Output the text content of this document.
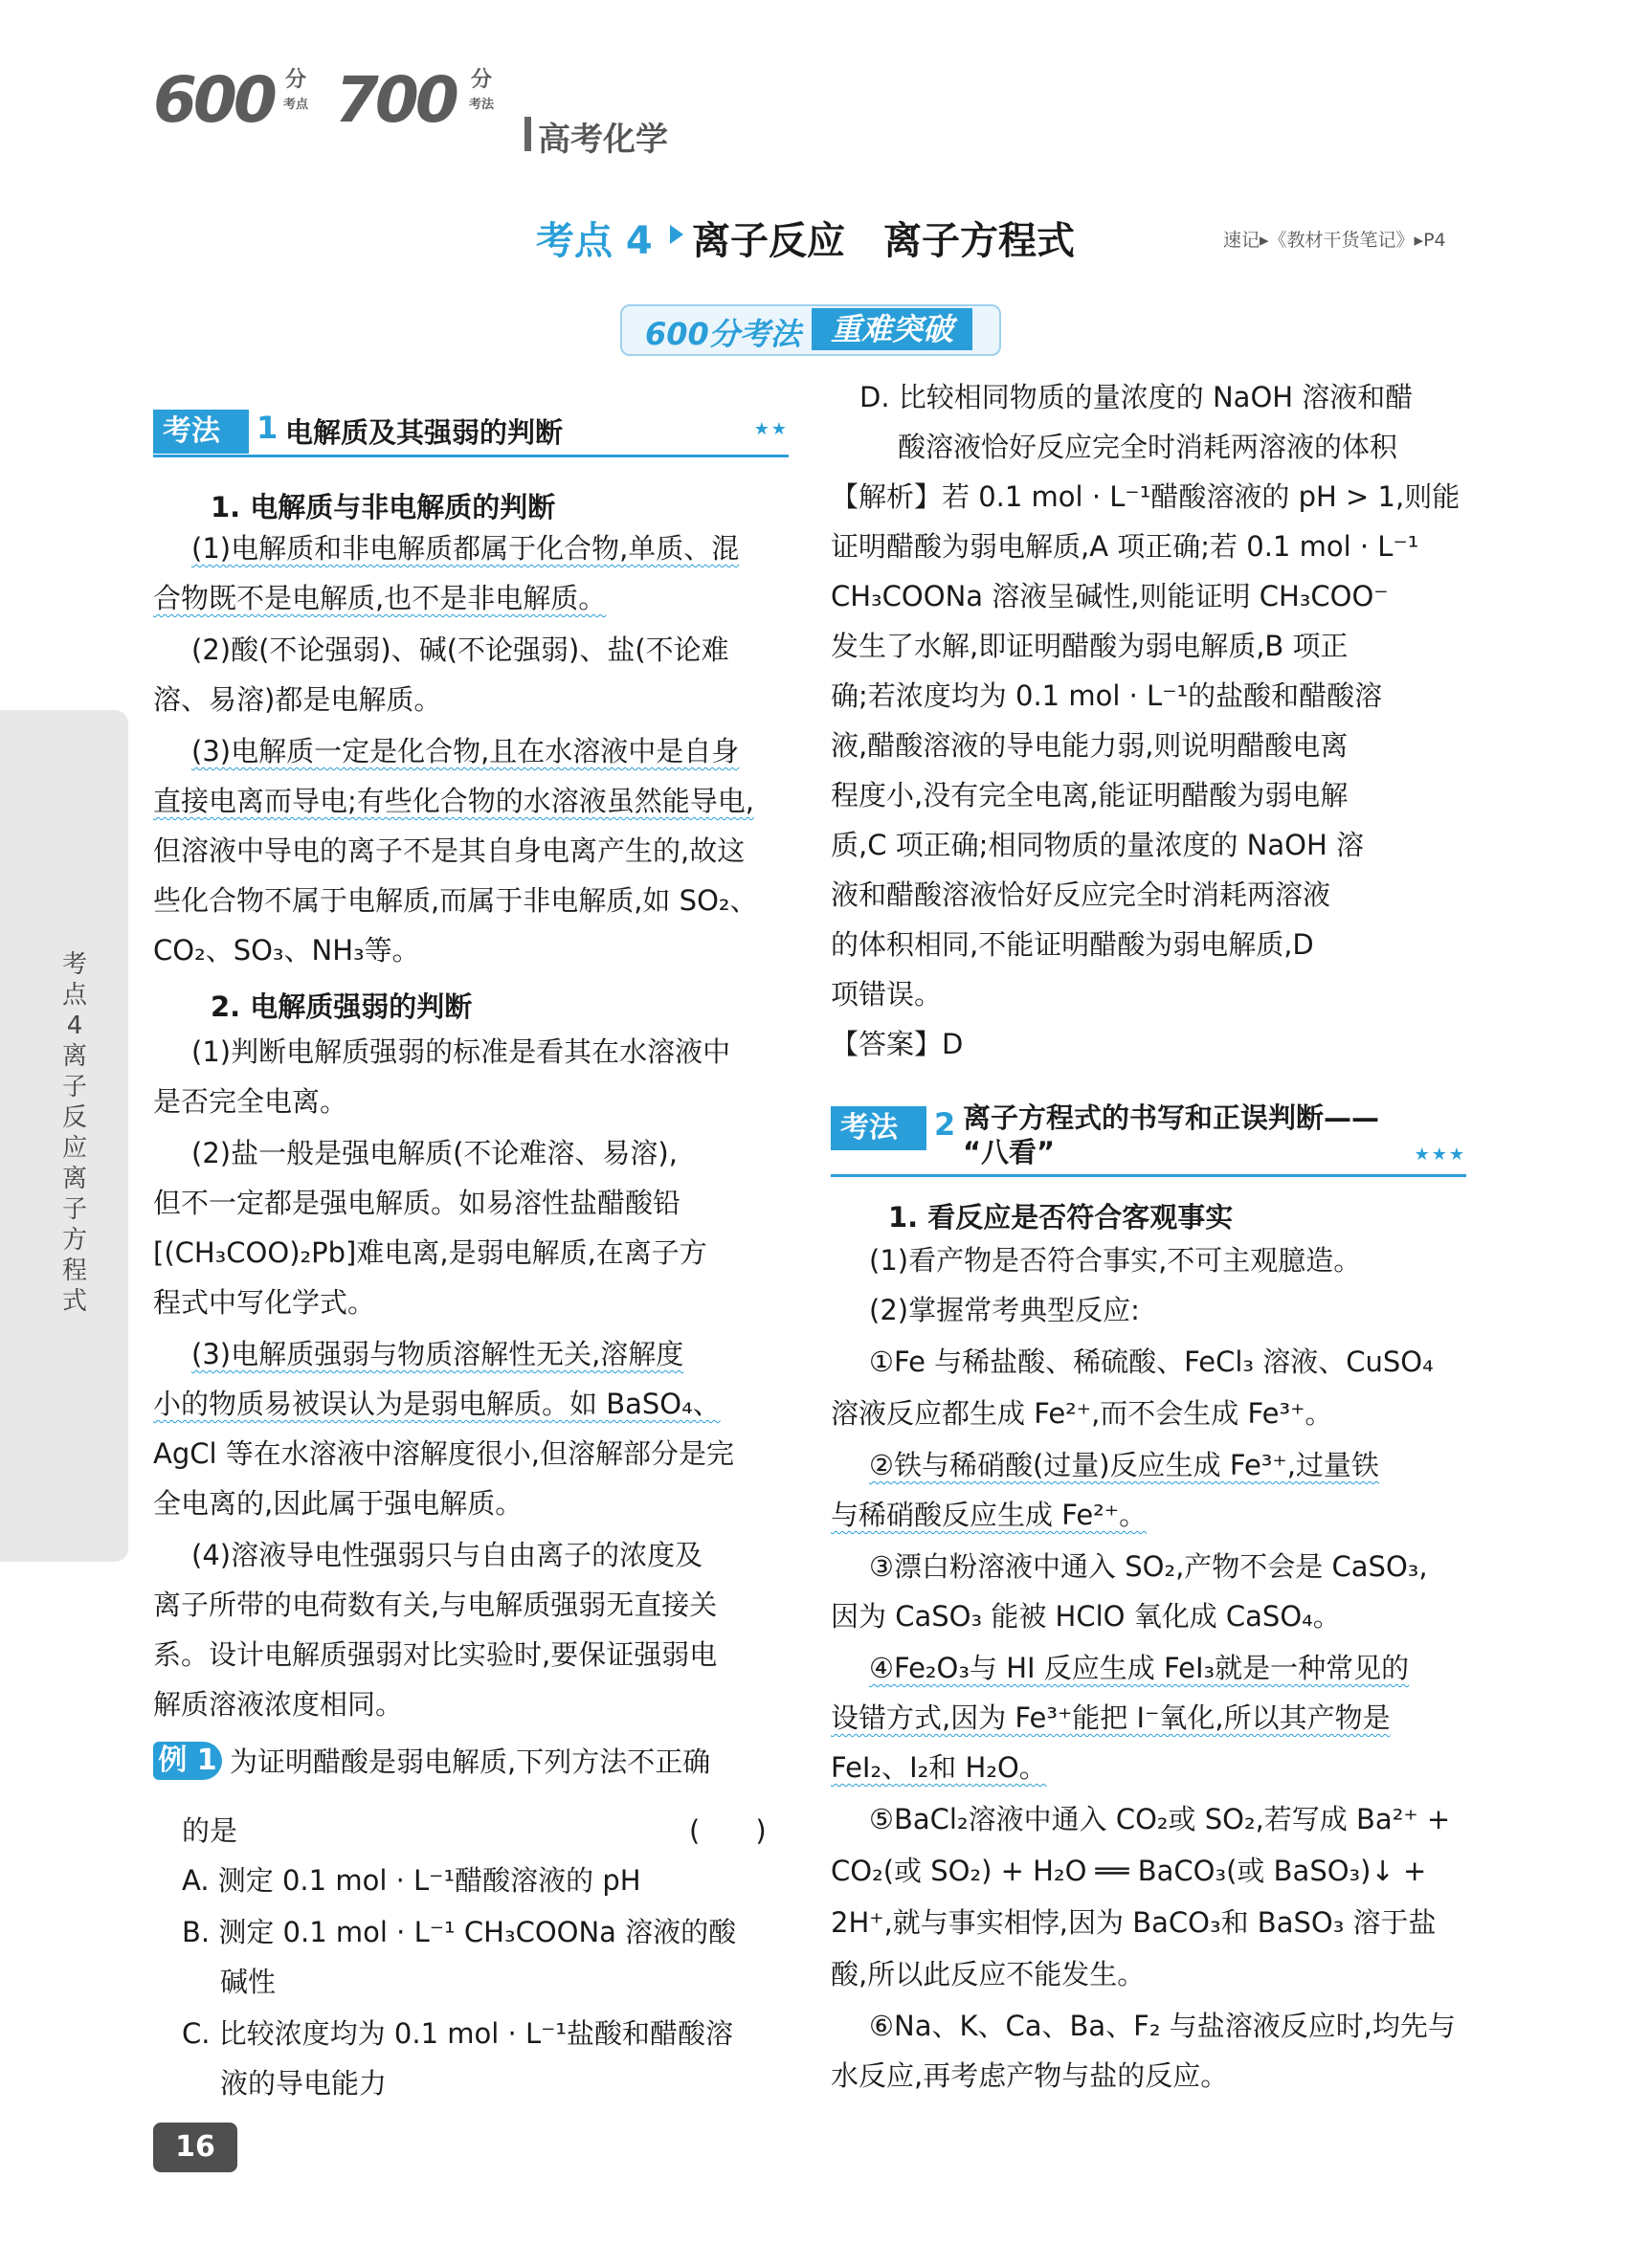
600 分
考点 700 分
考法
高考化学
考点 4 离子反应　离子方程式	速记▸《教材干货笔记》▸P4
600分考法 重难突破
考点4　离子反应　离子方程式
考法	1 电解质及其强弱的判断	★★
1. 电解质与非电解质的判断
(1)电解质和非电解质都属于化合物,单质、混
合物既不是电解质,也不是非电解质。
(2)酸(不论强弱)、碱(不论强弱)、盐(不论难
溶、易溶)都是电解质。
(3)电解质一定是化合物,且在水溶液中是自身
直接电离而导电;有些化合物的水溶液虽然能导电,
但溶液中导电的离子不是其自身电离产生的,故这
些化合物不属于电解质,而属于非电解质,如 SO₂、
CO₂、SO₃、NH₃等。
2. 电解质强弱的判断
(1)判断电解质强弱的标准是看其在水溶液中
是否完全电离。
(2)盐一般是强电解质(不论难溶、易溶),
但不一定都是强电解质。如易溶性盐醋酸铅
[(CH₃COO)₂Pb]难电离,是弱电解质,在离子方
程式中写化学式。
(3)电解质强弱与物质溶解性无关,溶解度
小的物质易被误认为是弱电解质。如 BaSO₄、
AgCl 等在水溶液中溶解度很小,但溶解部分是完
全电离的,因此属于强电解质。
(4)溶液导电性强弱只与自由离子的浓度及
离子所带的电荷数有关,与电解质强弱无直接关
系。设计电解质强弱对比实验时,要保证强弱电
解质溶液浓度相同。
为证明醋酸是弱电解质,下列方法不正确
的是	(　　)
A. 测定 0.1 mol · L⁻¹醋酸溶液的 pH
B. 测定 0.1 mol · L⁻¹ CH₃COONa 溶液的酸
碱性
C. 比较浓度均为 0.1 mol · L⁻¹盐酸和醋酸溶
液的导电能力
例 1
D. 比较相同物质的量浓度的 NaOH 溶液和醋
酸溶液恰好反应完全时消耗两溶液的体积
【解析】若 0.1 mol · L⁻¹醋酸溶液的 pH > 1,则能
证明醋酸为弱电解质,A 项正确;若 0.1 mol · L⁻¹
CH₃COONa 溶液呈碱性,则能证明 CH₃COO⁻
发生了水解,即证明醋酸为弱电解质,B 项正
确;若浓度均为 0.1 mol · L⁻¹的盐酸和醋酸溶
液,醋酸溶液的导电能力弱,则说明醋酸电离
程度小,没有完全电离,能证明醋酸为弱电解
质,C 项正确;相同物质的量浓度的 NaOH 溶
液和醋酸溶液恰好反应完全时消耗两溶液
的体积相同,不能证明醋酸为弱电解质,D
项错误。
【答案】D
考法	2 离子方程式的书写和正误判断——
“八看”	★★★
1. 看反应是否符合客观事实
(1)看产物是否符合事实,不可主观臆造。
(2)掌握常考典型反应:
①Fe 与稀盐酸、稀硫酸、FeCl₃ 溶液、CuSO₄
溶液反应都生成 Fe²⁺,而不会生成 Fe³⁺。
②铁与稀硝酸(过量)反应生成 Fe³⁺,过量铁
与稀硝酸反应生成 Fe²⁺。
③漂白粉溶液中通入 SO₂,产物不会是 CaSO₃,
因为 CaSO₃ 能被 HClO 氧化成 CaSO₄。
④Fe₂O₃与 HI 反应生成 FeI₃就是一种常见的
设错方式,因为 Fe³⁺能把 I⁻氧化,所以其产物是
FeI₂、I₂和 H₂O。
⑤BaCl₂溶液中通入 CO₂或 SO₂,若写成 Ba²⁺ +
CO₂(或 SO₂) + H₂O ══ BaCO₃(或 BaSO₃)↓ +
2H⁺,就与事实相悖,因为 BaCO₃和 BaSO₃ 溶于盐
酸,所以此反应不能发生。
⑥Na、K、Ca、Ba、F₂ 与盐溶液反应时,均先与
水反应,再考虑产物与盐的反应。
16
